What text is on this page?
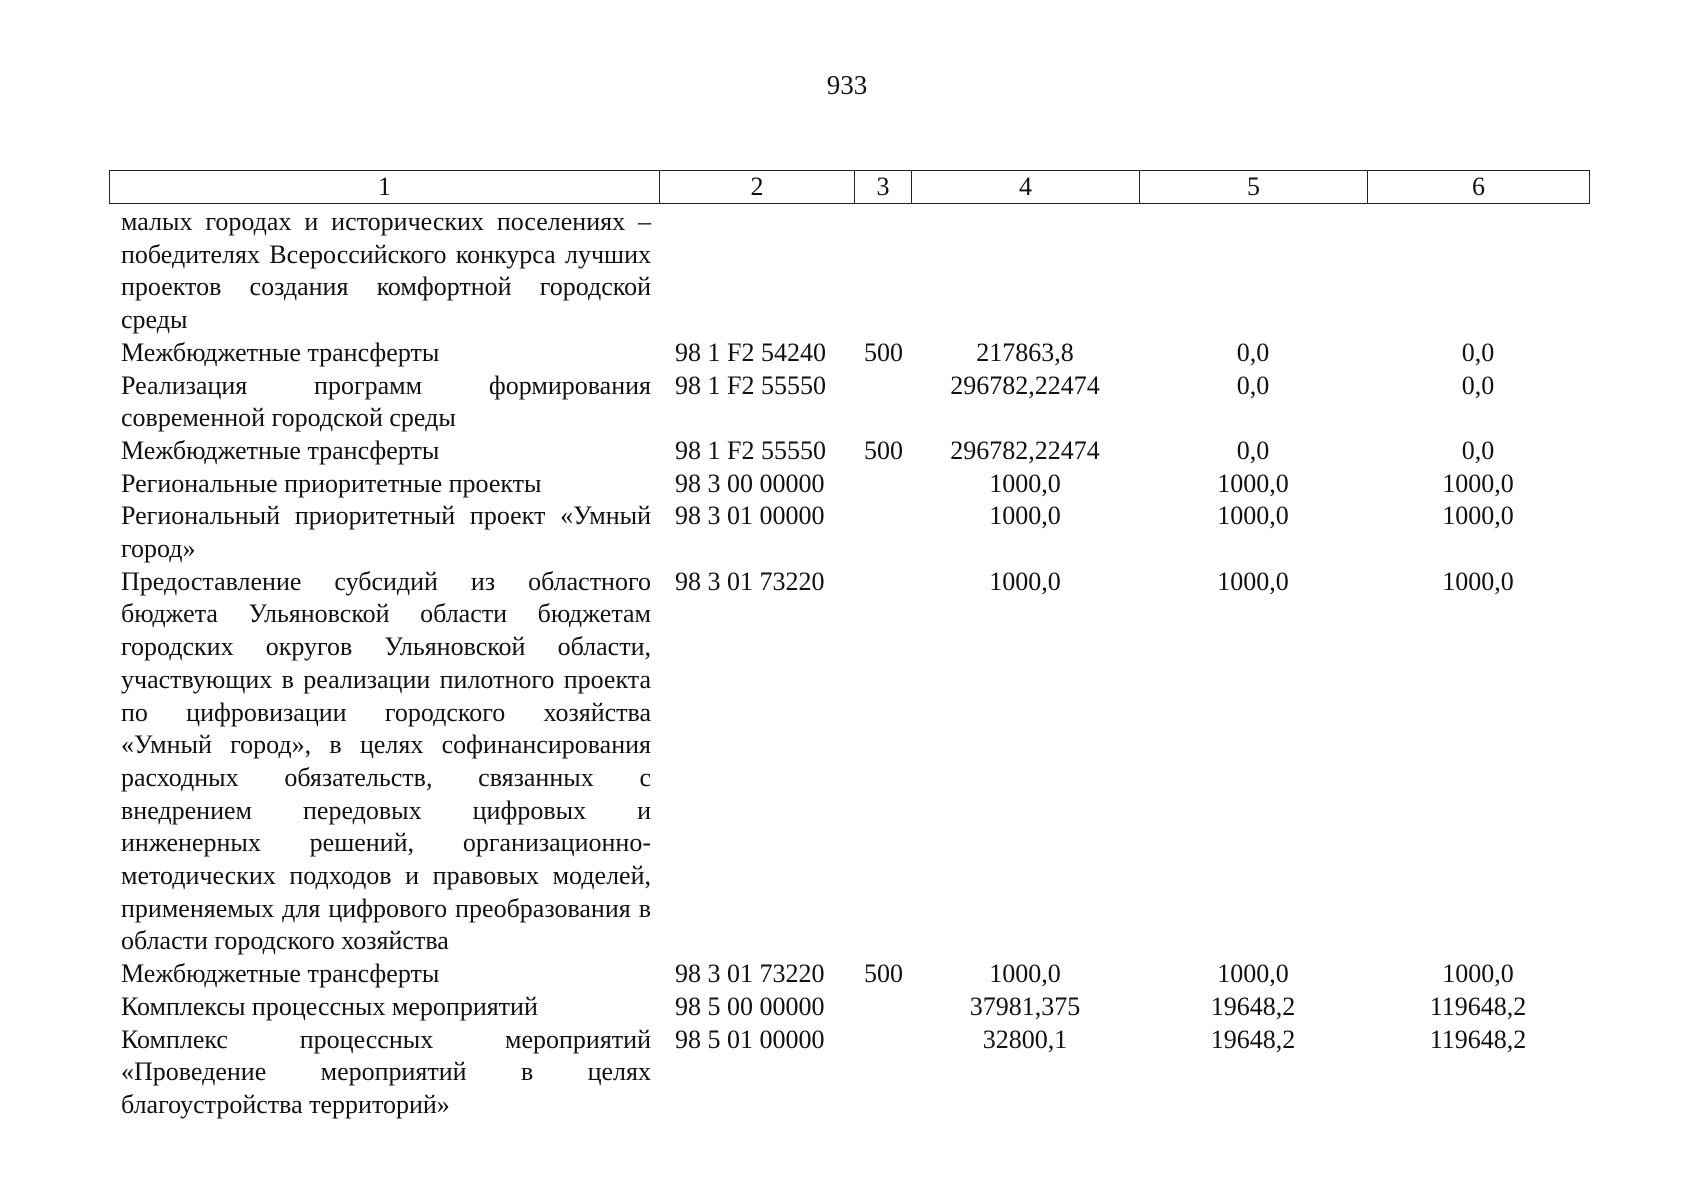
933
1	2	3	4	5	6
малых городах и исторических поселениях – победителях Всероссийского конкурса лучших проектов создания комфортной городской среды					
Межбюджетные трансферты	98 1 F2 54240	500	217863,8	0,0	0,0
Реализация программ формирования современной городской среды	98 1 F2 55550		296782,22474	0,0	0,0
Межбюджетные трансферты	98 1 F2 55550	500	296782,22474	0,0	0,0
Региональные приоритетные проекты	98 3 00 00000		1000,0	1000,0	1000,0
Региональный приоритетный проект «Умный город»	98 3 01 00000		1000,0	1000,0	1000,0
Предоставление субсидий из областного бюджета Ульяновской области бюджетам городских округов Ульяновской области, участвующих в реализации пилотного проекта по цифровизации городского хозяйства «Умный город», в целях софинансирования расходных обязательств, связанных с внедрением передовых цифровых и инженерных решений, организационно-методических подходов и правовых моделей, применяемых для цифрового преобразования в области городского хозяйства	98 3 01 73220		1000,0	1000,0	1000,0
Межбюджетные трансферты	98 3 01 73220	500	1000,0	1000,0	1000,0
Комплексы процессных мероприятий	98 5 00 00000		37981,375	19648,2	119648,2
Комплекс процессных мероприятий «Проведение мероприятий в целях благоустройства территорий»	98 5 01 00000		32800,1	19648,2	119648,2
